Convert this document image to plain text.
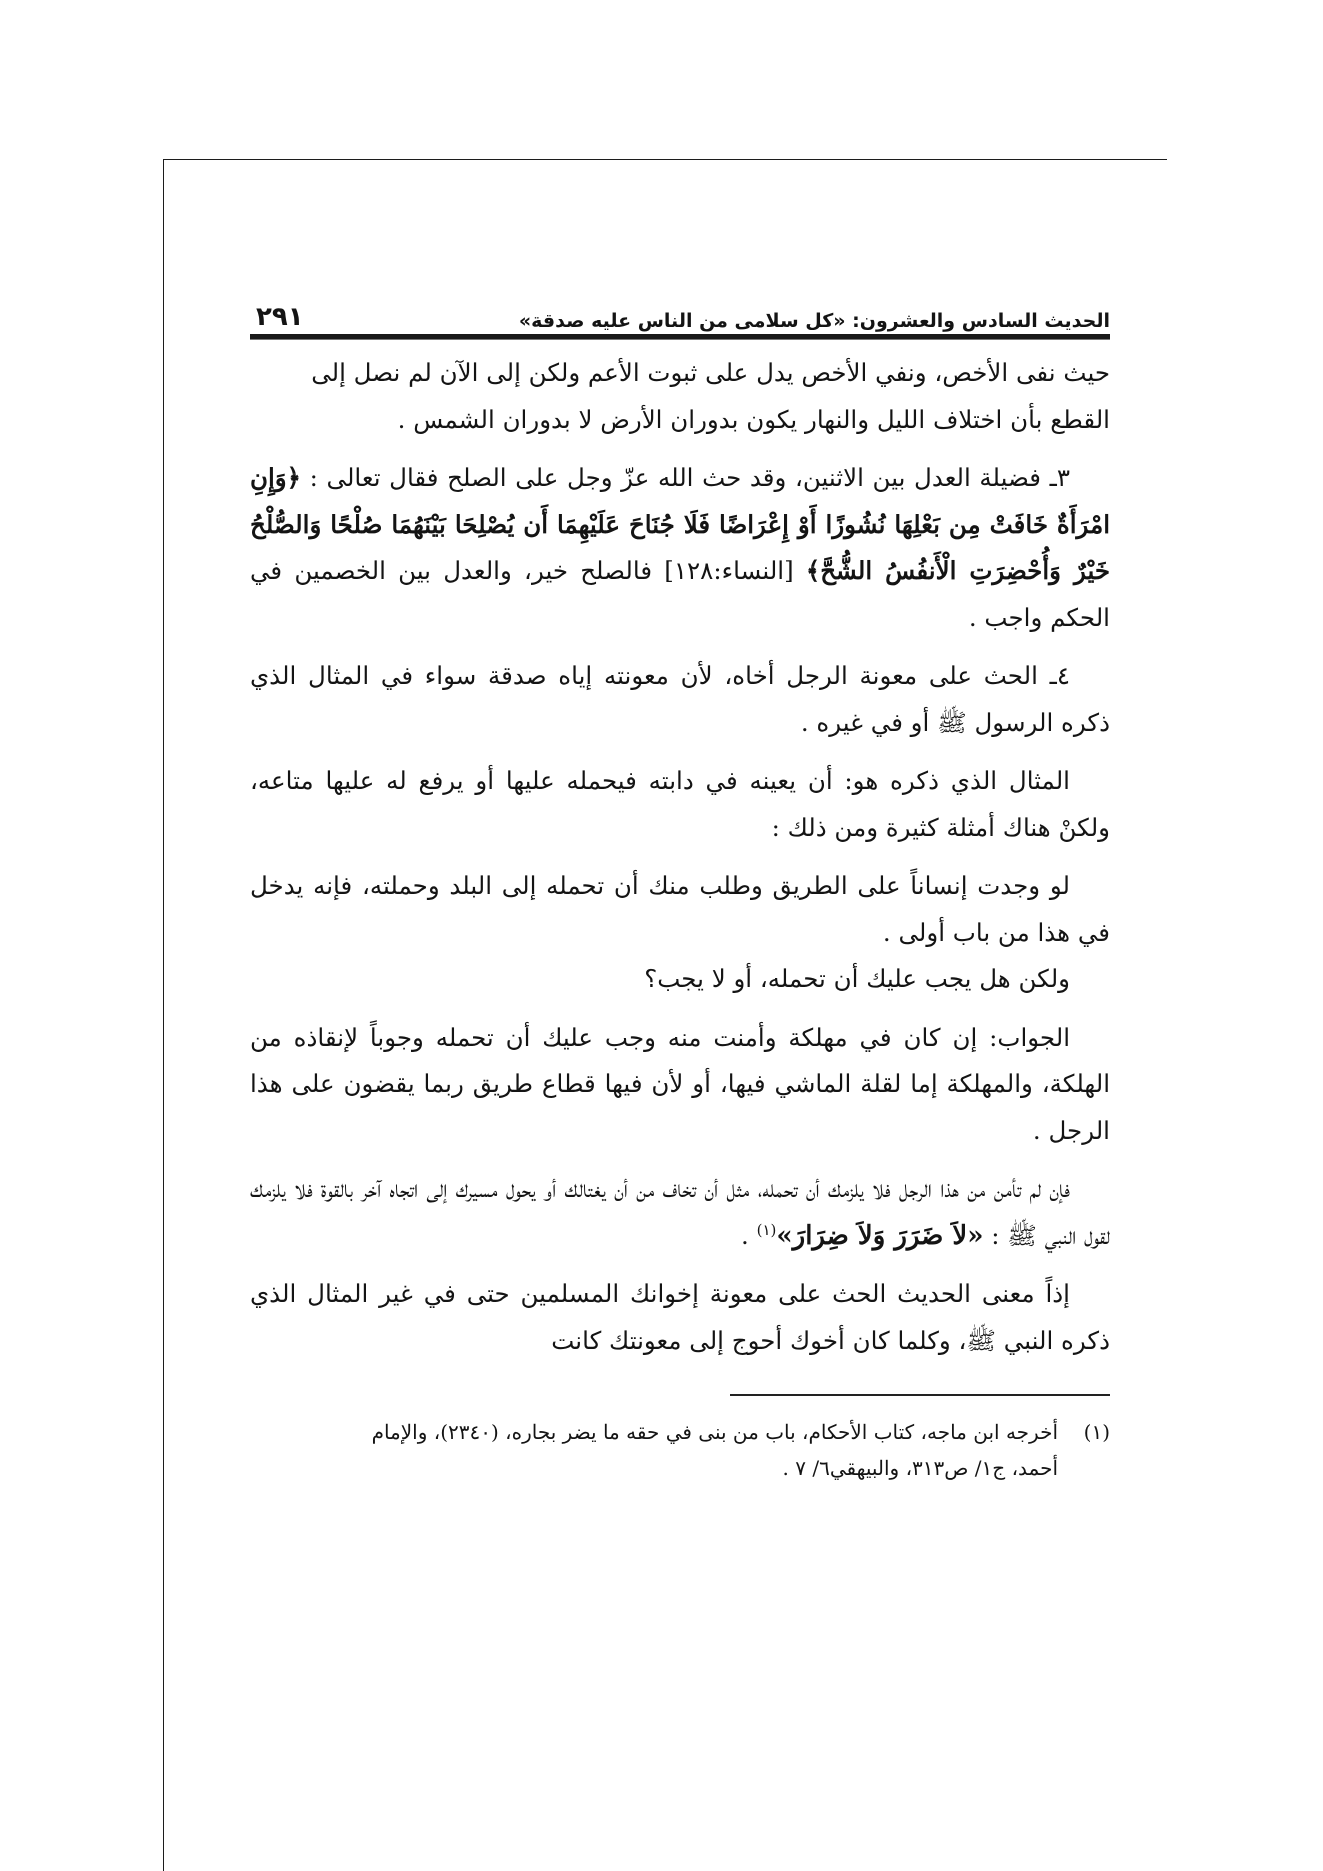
الحديث السادس والعشرون: «كل سلامى من الناس عليه صدقة»
٢٩١

حيث نفى الأخص، ونفي الأخص يدل على ثبوت الأعم ولكن إلى الآن لم نصل إلى
القطع بأن اختلاف الليل والنهار يكون بدوران الأرض لا بدوران الشمس .

٣ـ فضيلة العدل بين الاثنين، وقد حث الله عزّ وجل على الصلح فقال تعالى : ﴿وَإِنِ امْرَأَةٌ خَافَتْ مِن بَعْلِهَا نُشُوزًا أَوْ إِعْرَاضًا فَلَا جُنَاحَ عَلَيْهِمَا أَن يُصْلِحَا بَيْنَهُمَا صُلْحًا وَالصُّلْحُ خَيْرٌ وَأُحْضِرَتِ الْأَنفُسُ الشُّحَّ﴾ [النساء:١٢٨] فالصلح خير، والعدل بين الخصمين في الحكم واجب .

٤ـ الحث على معونة الرجل أخاه، لأن معونته إياه صدقة سواء في المثال الذي ذكره الرسول ﷺ أو في غيره .

المثال الذي ذكره هو: أن يعينه في دابته فيحمله عليها أو يرفع له عليها متاعه، ولكنْ هناك أمثلة كثيرة ومن ذلك :

لو وجدت إنساناً على الطريق وطلب منك أن تحمله إلى البلد وحملته، فإنه يدخل في هذا من باب أولى .

ولكن هل يجب عليك أن تحمله، أو لا يجب؟

الجواب: إن كان في مهلكة وأمنت منه وجب عليك أن تحمله وجوباً لإنقاذه من الهلكة، والمهلكة إما لقلة الماشي فيها، أو لأن فيها قطاع طريق ربما يقضون على هذا الرجل .

فإن لم تأمن من هذا الرجل فلا يلزمك أن تحمله، مثل أن تخاف من أن يغتالك أو يحول مسيرك إلى اتجاه آخر بالقوة فلا يلزمك لقول النبي ﷺ : «لاَ ضَرَرَ وَلاَ ضِرَارَ»$^{(١)}$ .

إذاً معنى الحديث الحث على معونة إخوانك المسلمين حتى في غير المثال الذي ذكره النبي ﷺ، وكلما كان أخوك أحوج إلى معونتك كانت

(١)
أخرجه ابن ماجه، كتاب الأحكام، باب من بنى في حقه ما يضر بجاره، (٢٣٤٠)، والإمام
أحمد، ج١/ ص٣١٣، والبيهقي٦/ ٧ .
